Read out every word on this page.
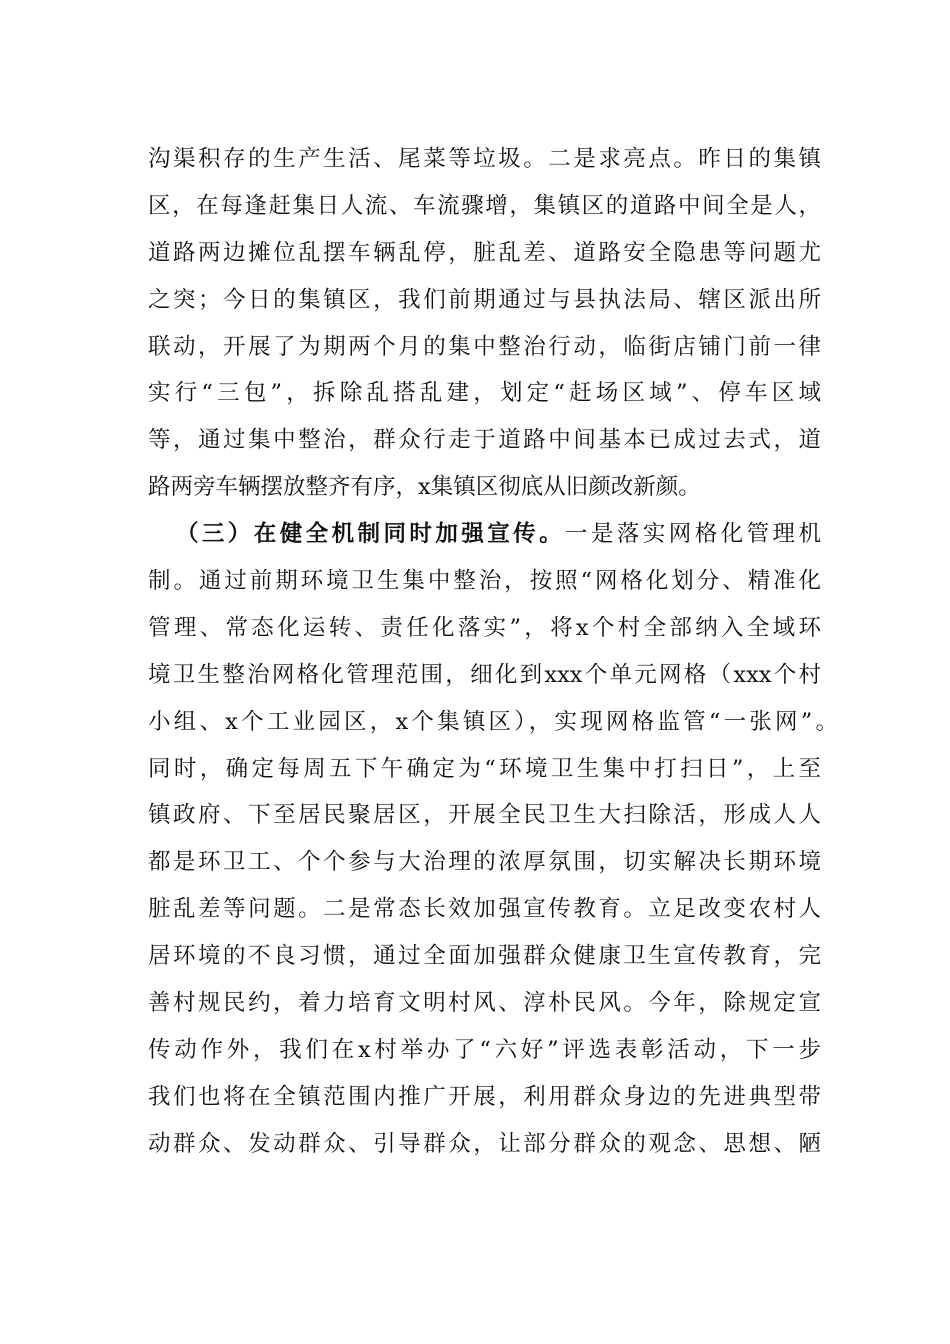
沟渠积存的生产生活、尾菜等垃圾。二是求亮点。昨日的集镇
区，在每逢赶集日人流、车流骤增，集镇区的道路中间全是人，
道路两边摊位乱摆车辆乱停，脏乱差、道路安全隐患等问题尤
之突；今日的集镇区，我们前期通过与县执法局、辖区派出所
联动，开展了为期两个月的集中整治行动，临街店铺门前一律
实行“三包”，拆除乱搭乱建，划定“赶场区域”、停车区域
等，通过集中整治，群众行走于道路中间基本已成过去式，道
路两旁车辆摆放整齐有序，x集镇区彻底从旧颜改新颜。
（三）在健全机制同时加强宣传。一是落实网格化管理机
制。通过前期环境卫生集中整治，按照“网格化划分、精准化
管理、常态化运转、责任化落实”，将x个村全部纳入全域环
境卫生整治网格化管理范围，细化到xxx个单元网格（xxx个村
小组、x个工业园区，x个集镇区），实现网格监管“一张网”。
同时，确定每周五下午确定为“环境卫生集中打扫日”，上至
镇政府、下至居民聚居区，开展全民卫生大扫除活，形成人人
都是环卫工、个个参与大治理的浓厚氛围，切实解决长期环境
脏乱差等问题。二是常态长效加强宣传教育。立足改变农村人
居环境的不良习惯，通过全面加强群众健康卫生宣传教育，完
善村规民约，着力培育文明村风、淳朴民风。今年，除规定宣
传动作外，我们在x村举办了“六好”评选表彰活动，下一步
我们也将在全镇范围内推广开展，利用群众身边的先进典型带
动群众、发动群众、引导群众，让部分群众的观念、思想、陋
